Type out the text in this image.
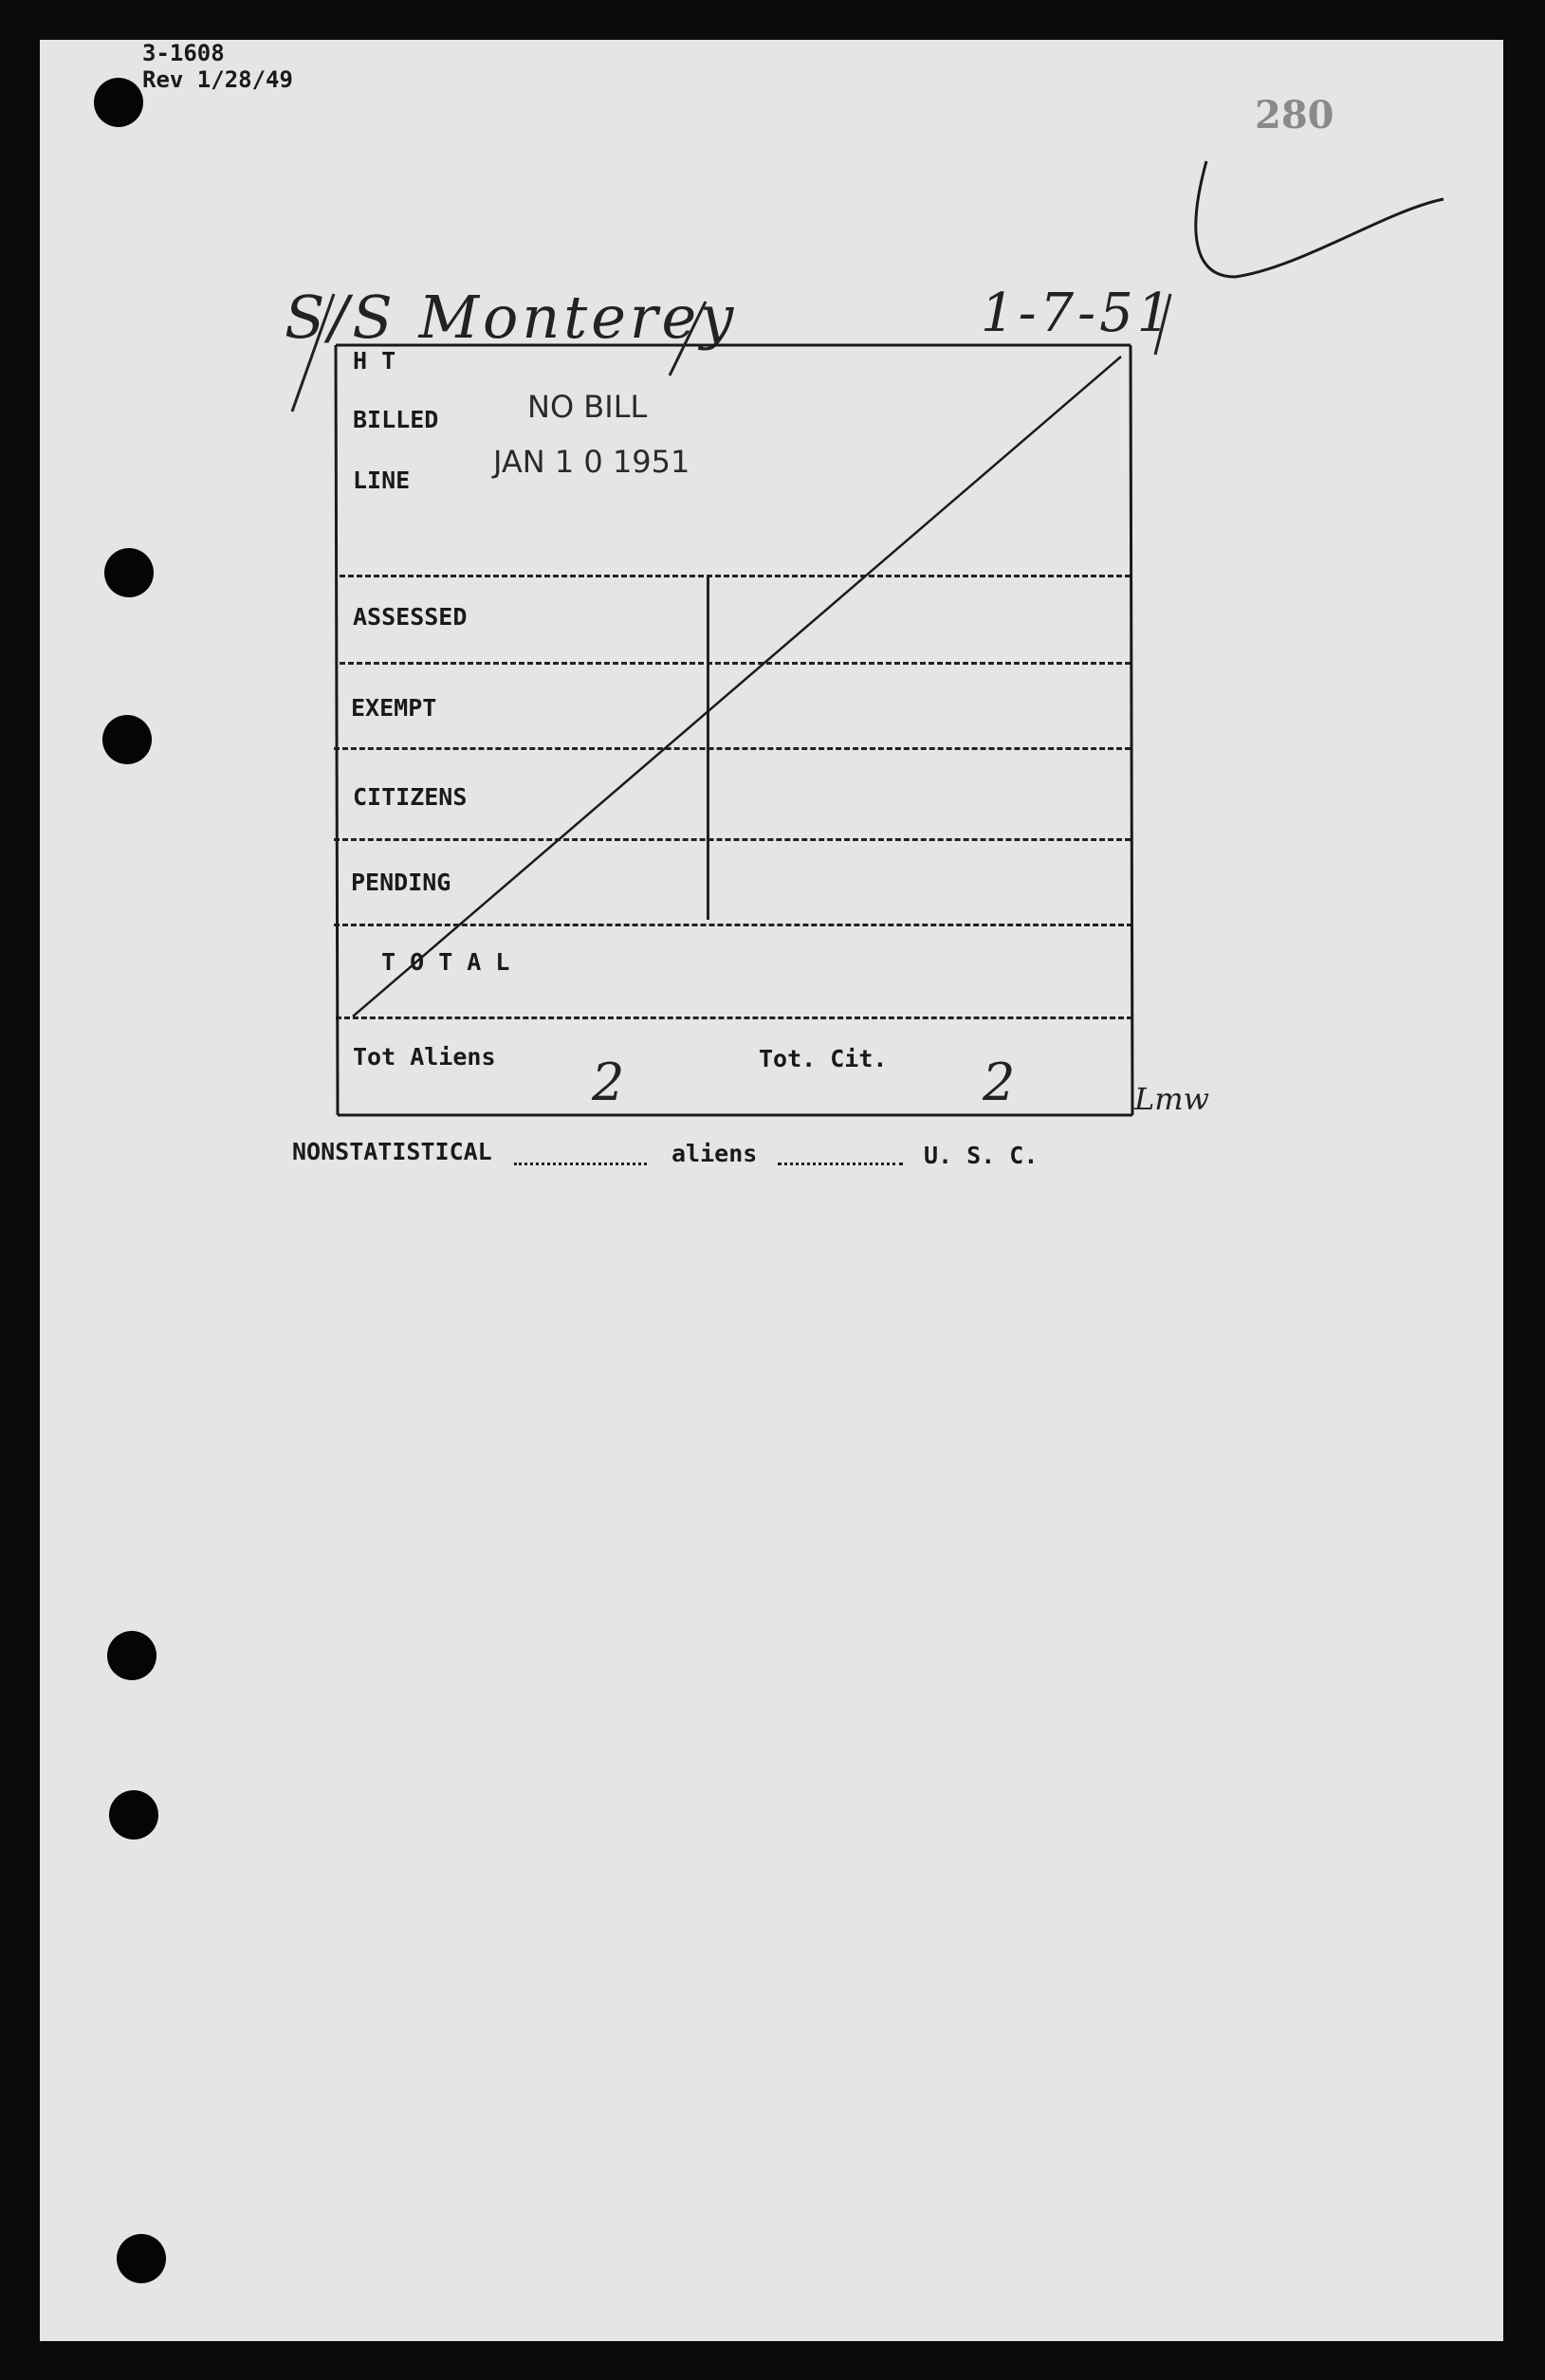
3-1608
Rev 1/28/49
280
S/S Monterey	1-7-51
H T
BILLED
LINE
NO BILL
JAN 1 0 1951
ASSESSED
EXEMPT
CITIZENS
PENDING
T O T A L
Tot Aliens 2	Tot. Cit. 2	Lmw
NONSTATISTICAL	aliens	U. S. C.
